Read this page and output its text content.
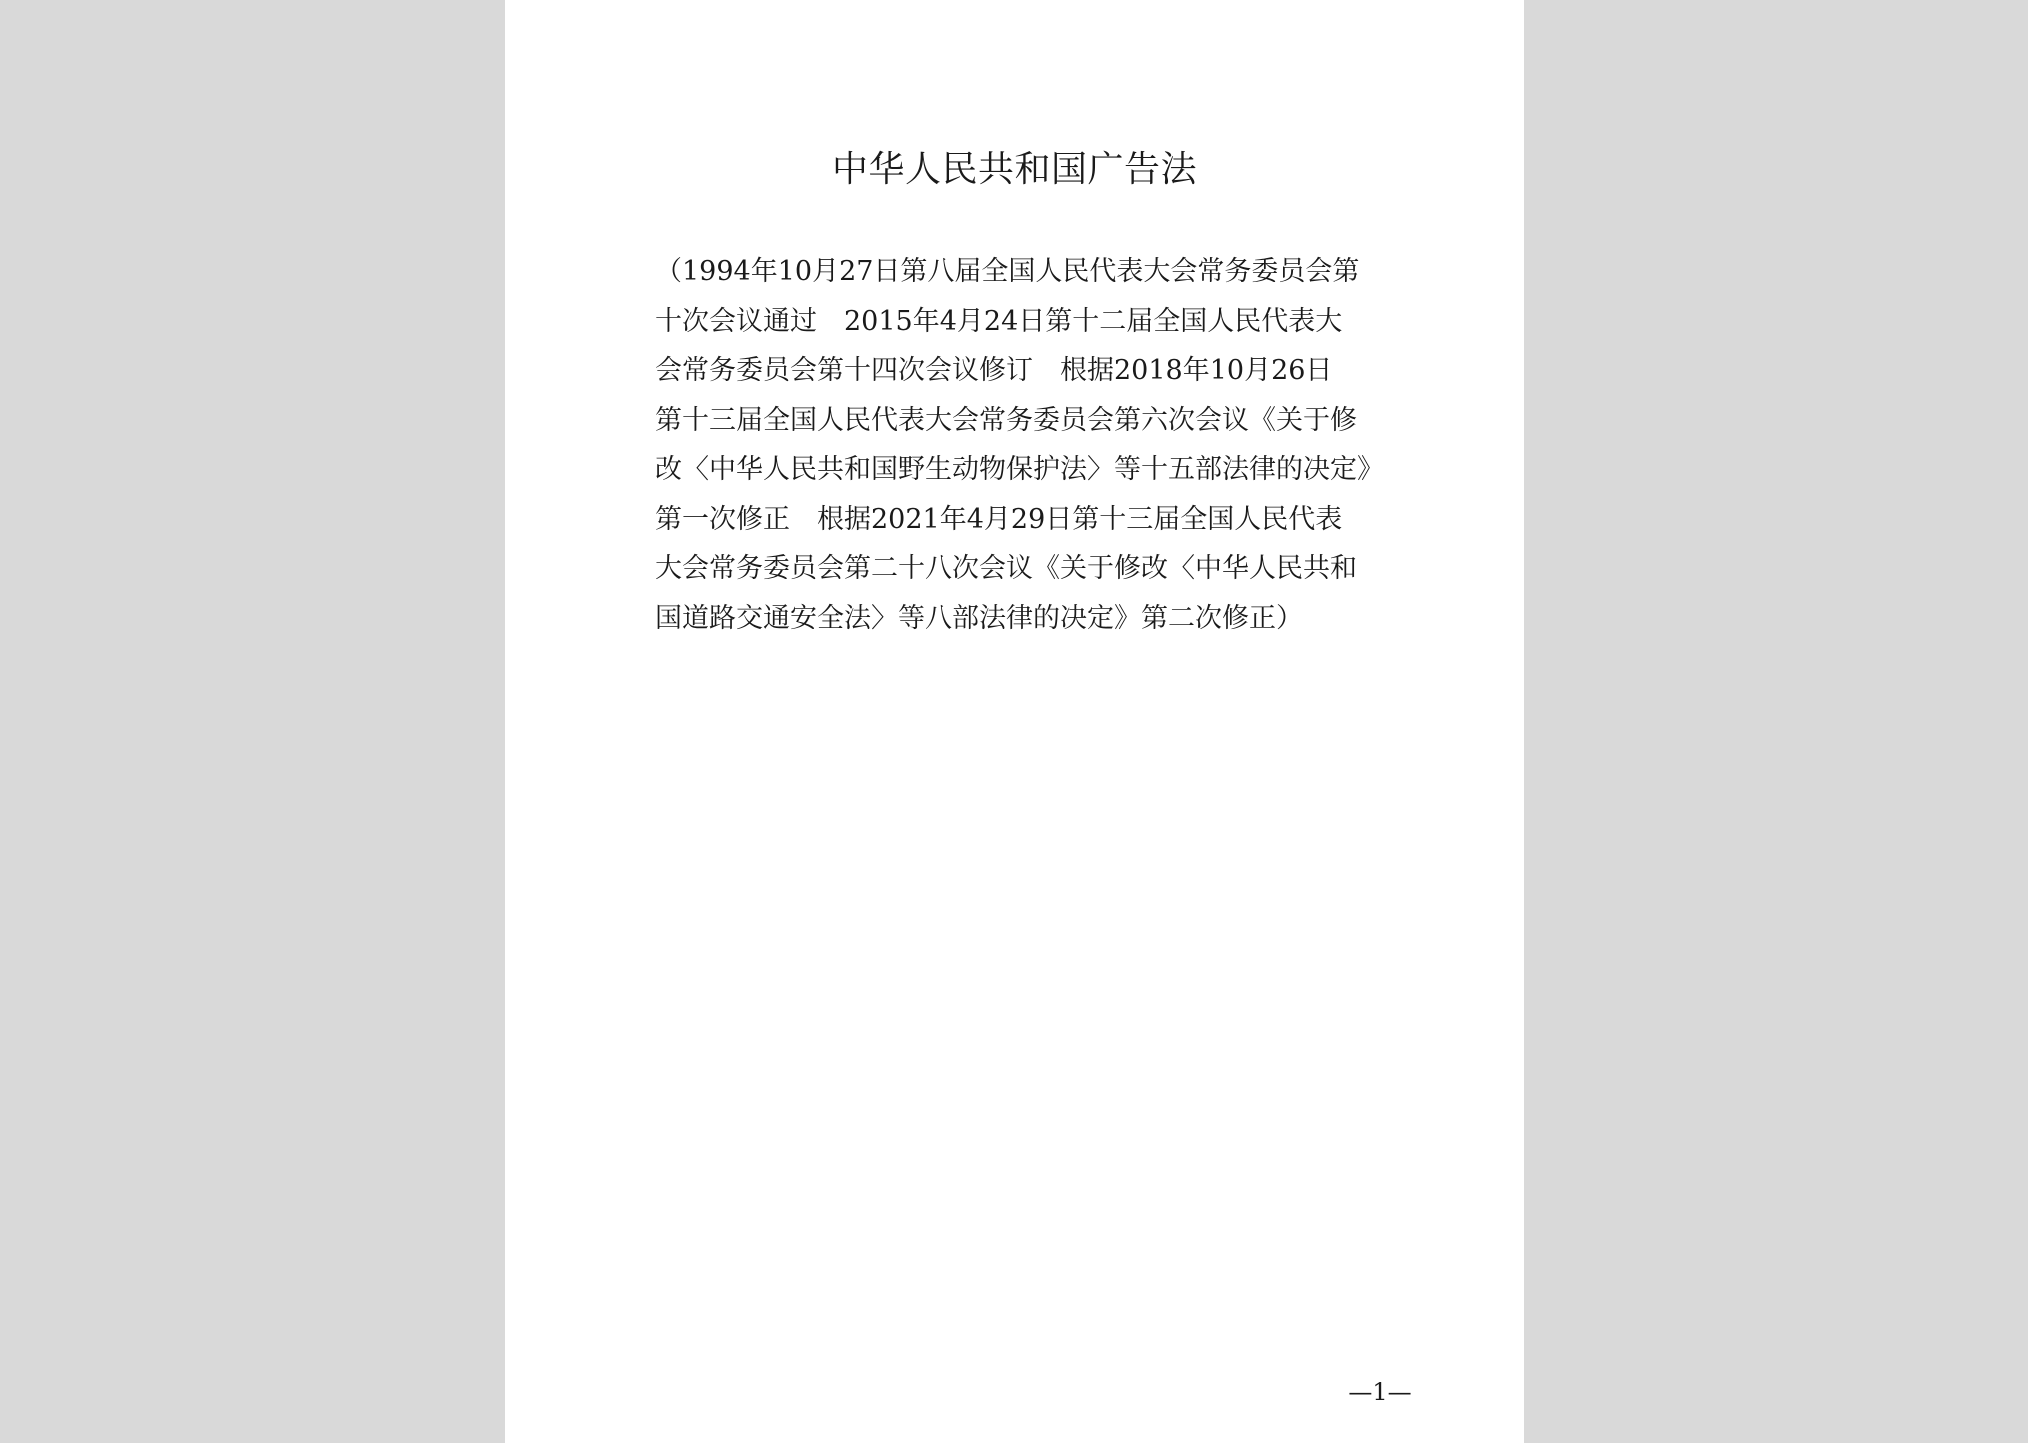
中华人民共和国广告法
（1994年10月27日第八届全国人民代表大会常务委员会第
十次会议通过　2015年4月24日第十二届全国人民代表大
会常务委员会第十四次会议修订　根据2018年10月26日
第十三届全国人民代表大会常务委员会第六次会议《关于修
改〈中华人民共和国野生动物保护法〉等十五部法律的决定》
第一次修正　根据2021年4月29日第十三届全国人民代表
大会常务委员会第二十八次会议《关于修改〈中华人民共和
国道路交通安全法〉等八部法律的决定》第二次修正）
—1—
